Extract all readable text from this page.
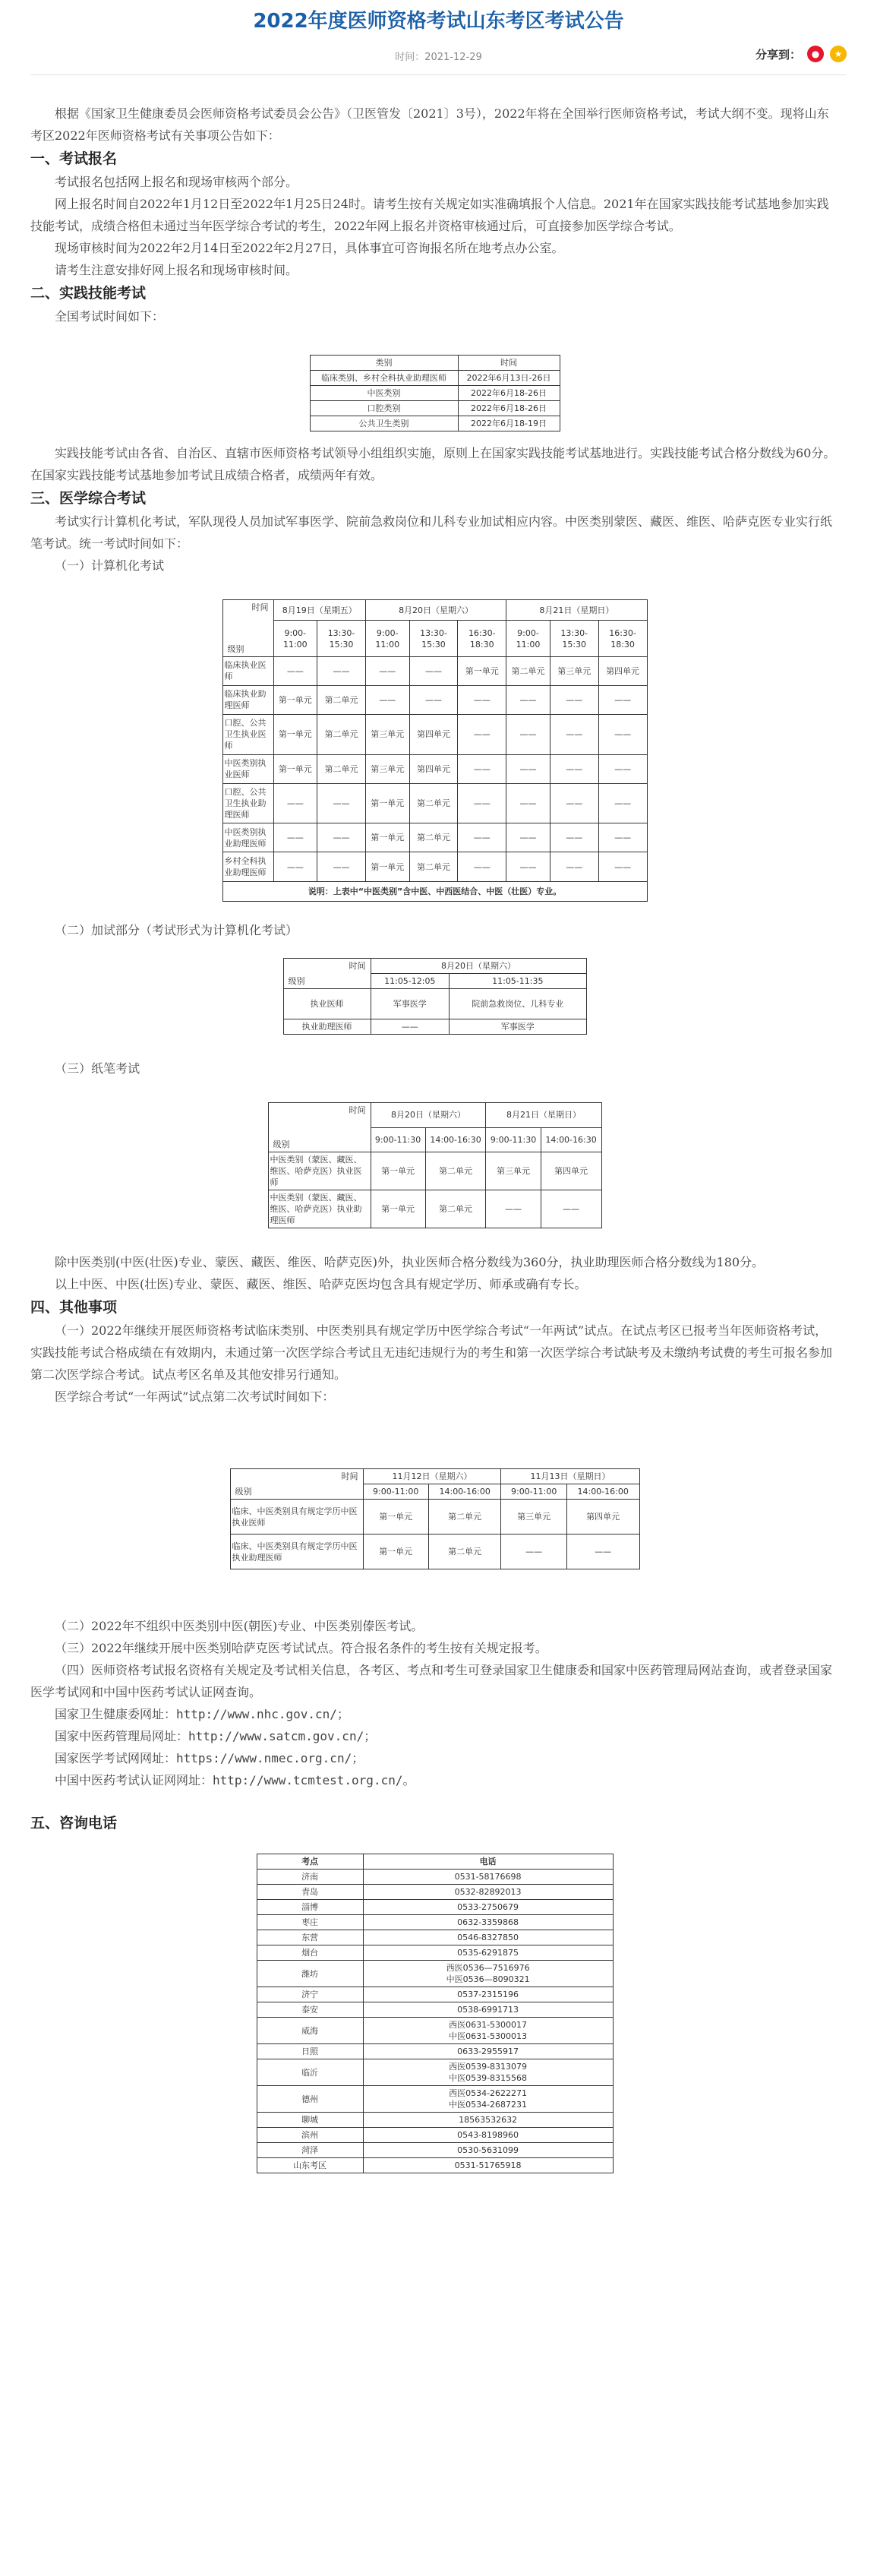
2022年度医师资格考试山东考区考试公告
时间：2021-12-29	分享到：	●	★

根据《国家卫生健康委员会医师资格考试委员会公告》（卫医管发〔2021〕3号），2022年将在全国举行医师资格考试，考试大纲不变。现将山东考区2022年医师资格考试有关事项公告如下：

一、考试报名

考试报名包括网上报名和现场审核两个部分。

网上报名时间自2022年1月12日至2022年1月25日24时。请考生按有关规定如实准确填报个人信息。2021年在国家实践技能考试基地参加实践技能考试，成绩合格但未通过当年医学综合考试的考生，2022年网上报名并资格审核通过后，可直接参加医学综合考试。

现场审核时间为2022年2月14日至2022年2月27日，具体事宜可咨询报名所在地考点办公室。

请考生注意安排好网上报名和现场审核时间。

二、实践技能考试

全国考试时间如下：

类别	时间
临床类别、乡村全科执业助理医师	2022年6月13日-26日
中医类别	2022年6月18-26日
口腔类别	2022年6月18-26日
公共卫生类别	2022年6月18-19日

实践技能考试由各省、自治区、直辖市医师资格考试领导小组组织实施，原则上在国家实践技能考试基地进行。实践技能考试合格分数线为60分。在国家实践技能考试基地参加考试且成绩合格者，成绩两年有效。

三、医学综合考试

考试实行计算机化考试，军队现役人员加试军事医学、院前急救岗位和儿科专业加试相应内容。中医类别蒙医、藏医、维医、哈萨克医专业实行纸笔考试。统一考试时间如下：

（一）计算机化考试

时间
级别	8月19日（星期五）		8月20日（星期六）			8月21日（星期日）		
	9:00-11:00	13:30-15:30	9:00-11:00	13:30-15:30	16:30-18:30	9:00-11:00	13:30-15:30	16:30-18:30
临床执业医师	——	——	——	——	第一单元	第二单元	第三单元	第四单元
临床执业助理医师	第一单元	第二单元	——	——	——	——	——	——
口腔、公共卫生执业医师	第一单元	第二单元	第三单元	第四单元	——	——	——	——
中医类别执业医师	第一单元	第二单元	第三单元	第四单元	——	——	——	——
口腔、公共卫生执业助理医师	——	——	第一单元	第二单元	——	——	——	——
中医类别执业助理医师	——	——	第一单元	第二单元	——	——	——	——
乡村全科执业助理医师	——	——	第一单元	第二单元	——	——	——	——
说明：上表中“中医类别”含中医、中西医结合、中医（壮医）专业。								

（二）加试部分（考试形式为计算机化考试）

时间
级别	8月20日（星期六）	
	11:05-12:05	11:05-11:35
执业医师	军事医学	院前急救岗位、儿科专业
执业助理医师	——	军事医学

（三）纸笔考试

时间
级别	8月20日（星期六）		8月21日（星期日）	
	9:00-11:30	14:00-16:30	9:00-11:30	14:00-16:30
中医类别（蒙医、藏医、维医、哈萨克医）执业医师	第一单元	第二单元	第三单元	第四单元
中医类别（蒙医、藏医、维医、哈萨克医）执业助理医师	第一单元	第二单元	——	——

除中医类别(中医(壮医)专业、蒙医、藏医、维医、哈萨克医)外，执业医师合格分数线为360分，执业助理医师合格分数线为180分。

以上中医、中医(壮医)专业、蒙医、藏医、维医、哈萨克医均包含具有规定学历、师承或确有专长。

四、其他事项

（一）2022年继续开展医师资格考试临床类别、中医类别具有规定学历中医学综合考试“一年两试”试点。在试点考区已报考当年医师资格考试，实践技能考试合格成绩在有效期内，未通过第一次医学综合考试且无违纪违规行为的考生和第一次医学综合考试缺考及未缴纳考试费的考生可报名参加第二次医学综合考试。试点考区名单及其他安排另行通知。

医学综合考试“一年两试”试点第二次考试时间如下：

时间
级别	11月12日（星期六）		11月13日（星期日）	
	9:00-11:00	14:00-16:00	9:00-11:00	14:00-16:00
临床、中医类别具有规定学历中医执业医师	第一单元	第二单元	第三单元	第四单元
临床、中医类别具有规定学历中医执业助理医师	第一单元	第二单元	——	——

（二）2022年不组织中医类别中医(朝医)专业、中医类别傣医考试。

（三）2022年继续开展中医类别哈萨克医考试试点。符合报名条件的考生按有关规定报考。

（四）医师资格考试报名资格有关规定及考试相关信息，各考区、考点和考生可登录国家卫生健康委和国家中医药管理局网站查询，或者登录国家医学考试网和中国中医药考试认证网查询。

国家卫生健康委网址：http://www.nhc.gov.cn/；

国家中医药管理局网址：http://www.satcm.gov.cn/；

国家医学考试网网址：https://www.nmec.org.cn/；

中国中医药考试认证网网址：http://www.tcmtest.org.cn/。

五、咨询电话
考点	电话
济南	0531-58176698
青岛	0532-82892013
淄博	0533-2750679
枣庄	0632-3359868
东营	0546-8327850
烟台	0535-6291875
潍坊	西医0536—7516976
中医0536—8090321
济宁	0537-2315196
泰安	0538-6991713
威海	西医0631-5300017
中医0631-5300013
日照	0633-2955917
临沂	西医0539-8313079
中医0539-8315568
德州	西医0534-2622271
中医0534-2687231
聊城	18563532632
滨州	0543-8198960
菏泽	0530-5631099
山东考区	0531-51765918
